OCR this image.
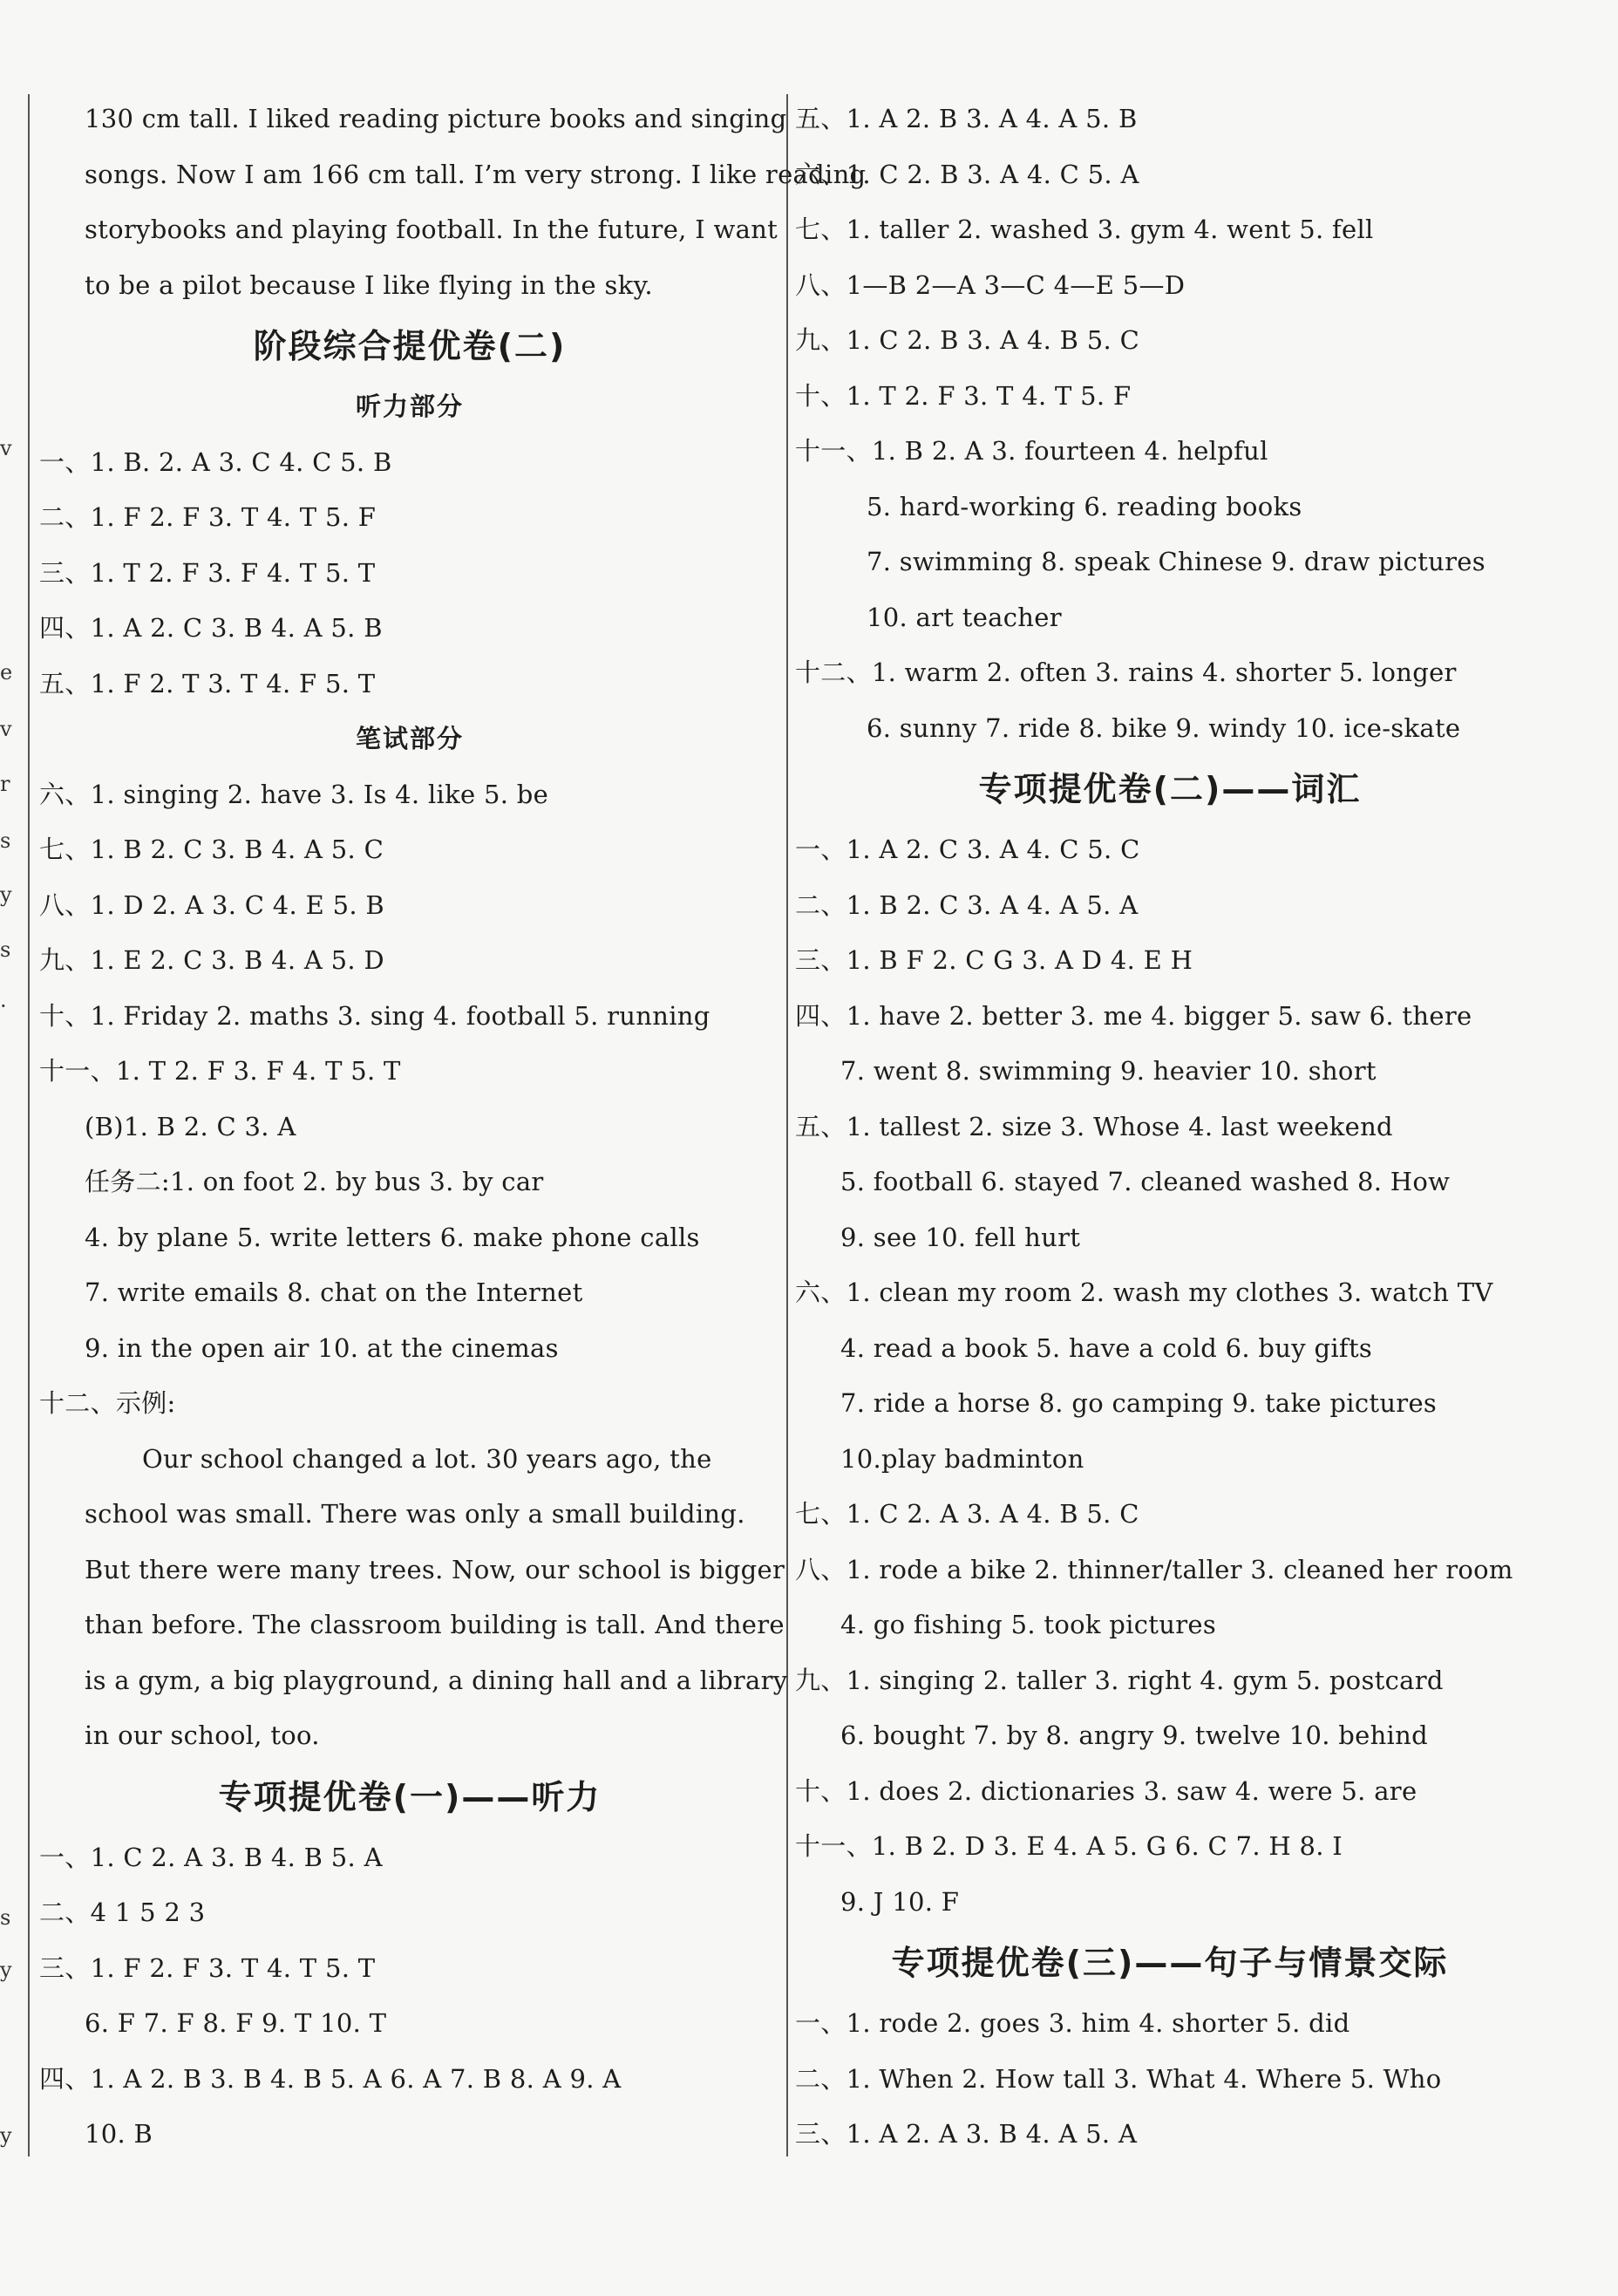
v
e
v
r
s
y
s
·
s
y
y
130 cm tall. I liked reading picture books and singing
songs. Now I am 166 cm tall. I’m very strong. I like reading
storybooks and playing football. In the future, I want
to be a pilot because I like flying in the sky.
阶段综合提优卷(二)
听力部分
一、1. B. 2. A 3. C 4. C 5. B
二、1. F 2. F 3. T 4. T 5. F
三、1. T 2. F 3. F 4. T 5. T
四、1. A 2. C 3. B 4. A 5. B
五、1. F 2. T 3. T 4. F 5. T
笔试部分
六、1. singing 2. have 3. Is 4. like 5. be
七、1. B 2. C 3. B 4. A 5. C
八、1. D 2. A 3. C 4. E 5. B
九、1. E 2. C 3. B 4. A 5. D
十、1. Friday 2. maths 3. sing 4. football 5. running
十一、1. T 2. F 3. F 4. T 5. T
(B)1. B 2. C 3. A
任务二:1. on foot 2. by bus 3. by car
4. by plane 5. write letters 6. make phone calls
7. write emails 8. chat on the Internet
9. in the open air 10. at the cinemas
十二、示例:
Our school changed a lot. 30 years ago, the
school was small. There was only a small building.
But there were many trees. Now, our school is bigger
than before. The classroom building is tall. And there
is a gym, a big playground, a dining hall and a library
in our school, too.
专项提优卷(一)——听力
一、1. C 2. A 3. B 4. B 5. A
二、4 1 5 2 3
三、1. F 2. F 3. T 4. T 5. T
6. F 7. F 8. F 9. T 10. T
四、1. A 2. B 3. B 4. B 5. A 6. A 7. B 8. A 9. A
10. B
五、1. A 2. B 3. A 4. A 5. B
六、1. C 2. B 3. A 4. C 5. A
七、1. taller 2. washed 3. gym 4. went 5. fell
八、1—B 2—A 3—C 4—E 5—D
九、1. C 2. B 3. A 4. B 5. C
十、1. T 2. F 3. T 4. T 5. F
十一、1. B 2. A 3. fourteen 4. helpful
5. hard-working 6. reading books
7. swimming 8. speak Chinese 9. draw pictures
10. art teacher
十二、1. warm 2. often 3. rains 4. shorter 5. longer
6. sunny 7. ride 8. bike 9. windy 10. ice-skate
专项提优卷(二)——词汇
一、1. A 2. C 3. A 4. C 5. C
二、1. B 2. C 3. A 4. A 5. A
三、1. B F 2. C G 3. A D 4. E H
四、1. have 2. better 3. me 4. bigger 5. saw 6. there
7. went 8. swimming 9. heavier 10. short
五、1. tallest 2. size 3. Whose 4. last weekend
5. football 6. stayed 7. cleaned washed 8. How
9. see 10. fell hurt
六、1. clean my room 2. wash my clothes 3. watch TV
4. read a book 5. have a cold 6. buy gifts
7. ride a horse 8. go camping 9. take pictures
10.play badminton
七、1. C 2. A 3. A 4. B 5. C
八、1. rode a bike 2. thinner/taller 3. cleaned her room
4. go fishing 5. took pictures
九、1. singing 2. taller 3. right 4. gym 5. postcard
6. bought 7. by 8. angry 9. twelve 10. behind
十、1. does 2. dictionaries 3. saw 4. were 5. are
十一、1. B 2. D 3. E 4. A 5. G 6. C 7. H 8. I
9. J 10. F
专项提优卷(三)——句子与情景交际
一、1. rode 2. goes 3. him 4. shorter 5. did
二、1. When 2. How tall 3. What 4. Where 5. Who
三、1. A 2. A 3. B 4. A 5. A
